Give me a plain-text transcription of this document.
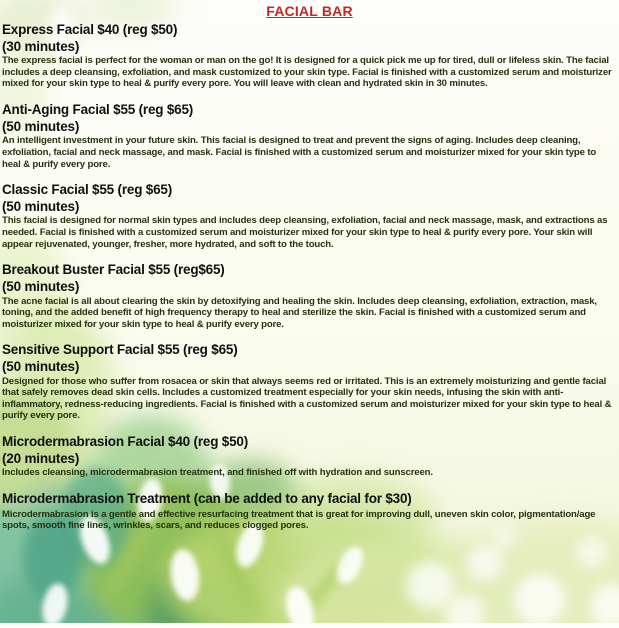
FACIAL BAR
Express Facial $40 (reg $50)
(30 minutes)

The express facial is perfect for the woman or man on the go! It is designed for a quick pick me up for tired, dull or lifeless skin. The facial includes a deep cleansing, exfoliation, and mask customized to your skin type. Facial is finished with a customized serum and moisturizer mixed for your skin type to heal & purify every pore. You will leave with clean and hydrated skin in 30 minutes.

Anti-Aging Facial $55 (reg $65)
(50 minutes)

An intelligent investment in your future skin. This facial is designed to treat and prevent the signs of aging. Includes deep cleaning, exfoliation, facial and neck massage, and mask. Facial is finished with a customized serum and moisturizer mixed for your skin type to heal & purify every pore.

Classic Facial $55 (reg $65)
(50 minutes)

This facial is designed for normal skin types and includes deep cleansing, exfoliation, facial and neck massage, mask, and extractions as needed. Facial is finished with a customized serum and moisturizer mixed for your skin type to heal & purify every pore. Your skin will appear rejuvenated, younger, fresher, more hydrated, and soft to the touch.

Breakout Buster Facial $55 (reg$65)
(50 minutes)

The acne facial is all about clearing the skin by detoxifying and healing the skin. Includes deep cleansing, exfoliation, extraction, mask, toning, and the added benefit of high frequency therapy to heal and sterilize the skin. Facial is finished with a customized serum and moisturizer mixed for your skin type to heal & purify every pore.

Sensitive Support Facial $55 (reg $65)
(50 minutes)

Designed for those who suffer from rosacea or skin that always seems red or irritated. This is an extremely moisturizing and gentle facial that safely removes dead skin cells. Includes a customized treatment especially for your skin needs, infusing the skin with anti-inflammatory, redness-reducing ingredients. Facial is finished with a customized serum and moisturizer mixed for your skin type to heal & purify every pore.

Microdermabrasion Facial $40 (reg $50)
(20 minutes)

Includes cleansing, microdermabrasion treatment, and finished off with hydration and sunscreen.

Microdermabrasion Treatment (can be added to any facial for $30)

Microdermabrasion is a gentle and effective resurfacing treatment that is great for improving dull, uneven skin color, pigmentation/age spots, smooth fine lines, wrinkles, scars, and reduces clogged pores.
